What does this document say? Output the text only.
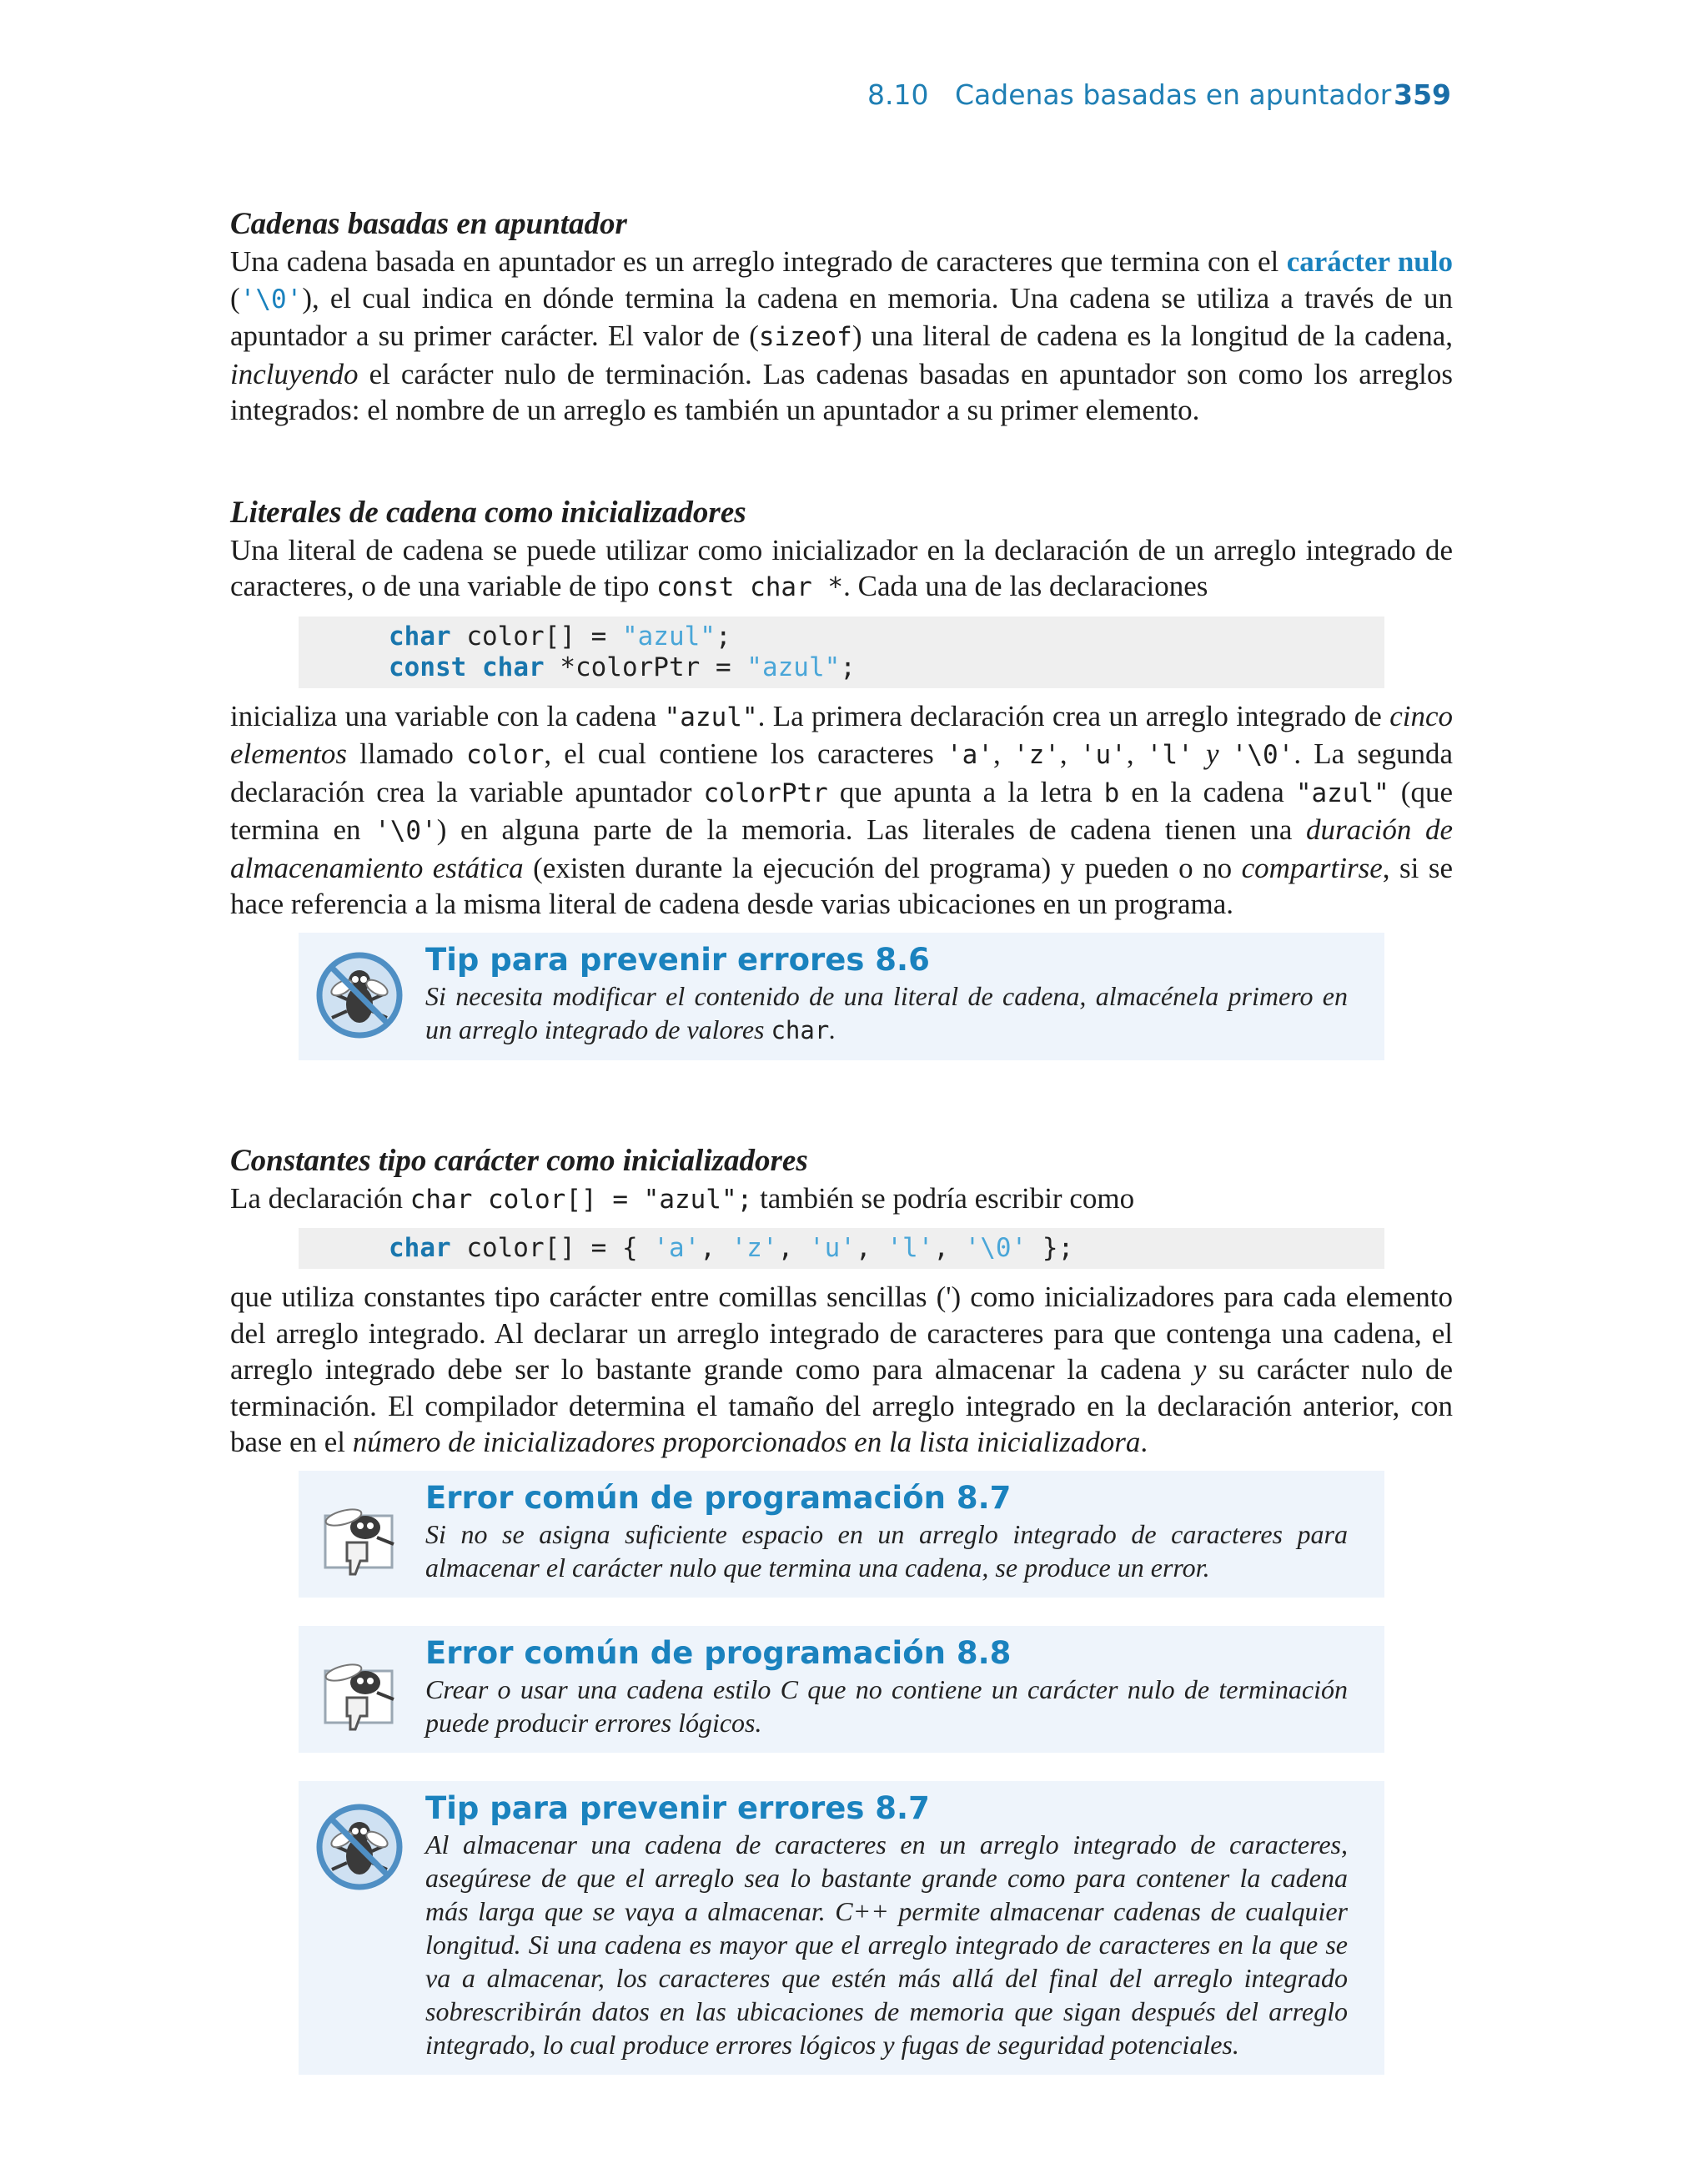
8.10 Cadenas basadas en apuntador 359
Cadenas basadas en apuntador

Una cadena basada en apuntador es un arreglo integrado de caracteres que termina con el carácter nulo ('\0'), el cual indica en dónde termina la cadena en memoria. Una cadena se utiliza a través de un apuntador a su primer carácter. El valor de (sizeof) una literal de cadena es la longitud de la cadena, incluyendo el carácter nulo de terminación. Las cadenas basadas en apuntador son como los arreglos integrados: el nombre de un arreglo es también un apuntador a su primer elemento.

Literales de cadena como inicializadores

Una literal de cadena se puede utilizar como inicializador en la declaración de un arreglo integrado de caracteres, o de una variable de tipo const char *. Cada una de las declaraciones

char color[] = "azul";
const char *colorPtr = "azul";

inicializa una variable con la cadena "azul". La primera declaración crea un arreglo integrado de cinco elementos llamado color, el cual contiene los caracteres 'a', 'z', 'u', 'l' y '\0'. La segunda declaración crea la variable apuntador colorPtr que apunta a la letra b en la cadena "azul" (que termina en '\0') en alguna parte de la memoria. Las literales de cadena tienen una duración de almacenamiento estática (existen durante la ejecución del programa) y pueden o no compartirse, si se hace referencia a la misma literal de cadena desde varias ubicaciones en un programa.

Tip para prevenir errores 8.6

Si necesita modificar el contenido de una literal de cadena, almacénela primero en un arreglo integrado de valores char.

Constantes tipo carácter como inicializadores

La declaración char color[] = "azul"; también se podría escribir como

char color[] = { 'a', 'z', 'u', 'l', '\0' };

que utiliza constantes tipo carácter entre comillas sencillas (') como inicializadores para cada elemento del arreglo integrado. Al declarar un arreglo integrado de caracteres para que contenga una cadena, el arreglo integrado debe ser lo bastante grande como para almacenar la cadena y su carácter nulo de terminación. El compilador determina el tamaño del arreglo integrado en la declaración anterior, con base en el número de inicializadores proporcionados en la lista inicializadora.

Error común de programación 8.7

Si no se asigna suficiente espacio en un arreglo integrado de caracteres para almacenar el carácter nulo que termina una cadena, se produce un error.

Error común de programación 8.8

Crear o usar una cadena estilo C que no contiene un carácter nulo de terminación puede producir errores lógicos.

Tip para prevenir errores 8.7

Al almacenar una cadena de caracteres en un arreglo integrado de caracteres, asegúrese de que el arreglo sea lo bastante grande como para contener la cadena más larga que se vaya a almacenar. C++ permite almacenar cadenas de cualquier longitud. Si una cadena es mayor que el arreglo integrado de caracteres en la que se va a almacenar, los caracteres que estén más allá del final del arreglo integrado sobrescribirán datos en las ubicaciones de memoria que sigan después del arreglo integrado, lo cual produce errores lógicos y fugas de seguridad potenciales.
